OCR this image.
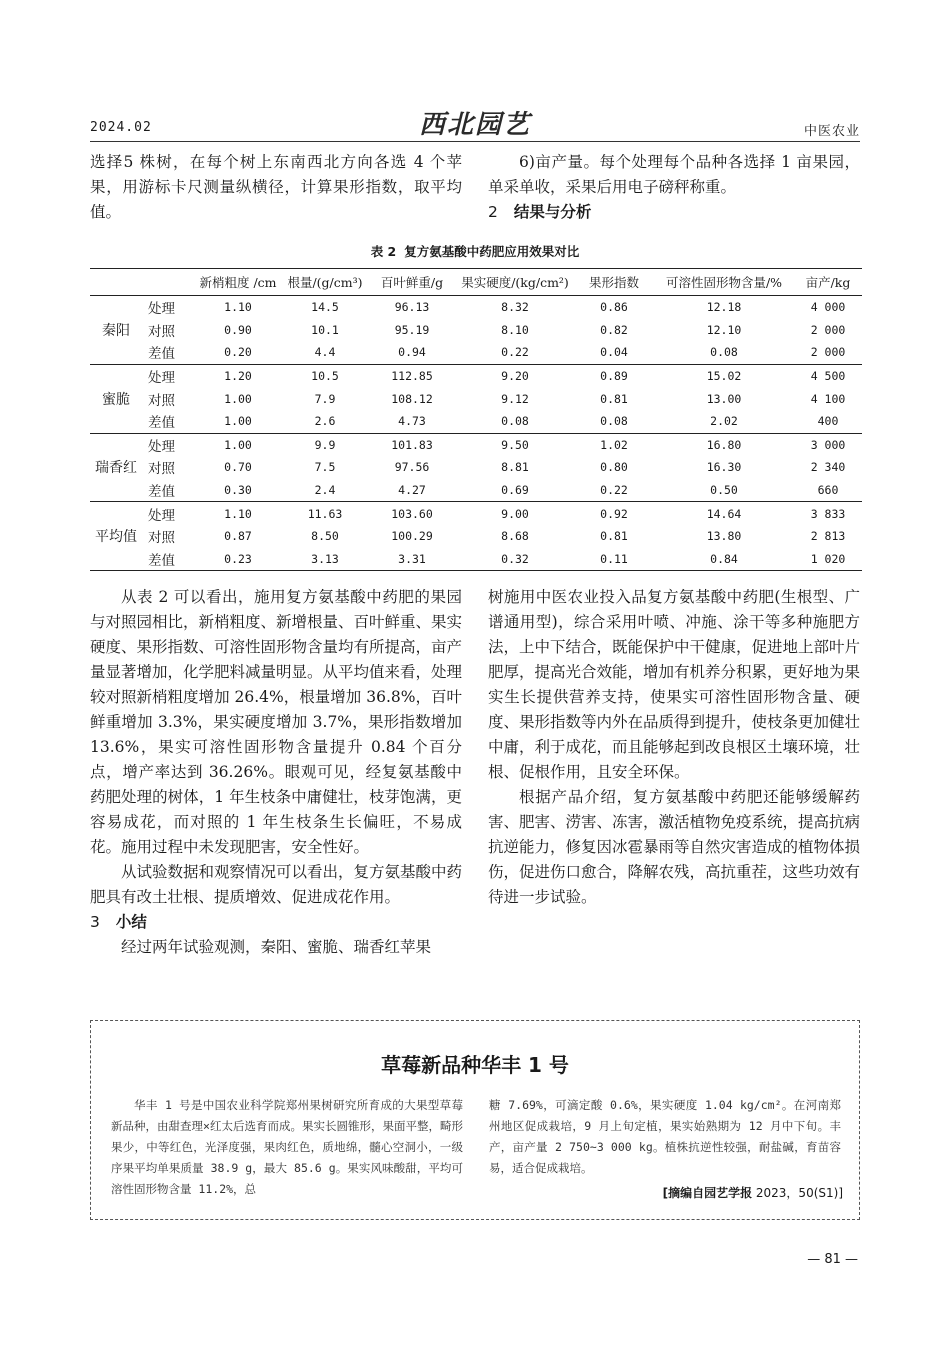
2024.02	西北园艺	中医农业

选择5 株树，在每个树上东南西北方向各选 4 个苹果，用游标卡尺测量纵横径，计算果形指数，取平均值。

6)亩产量。每个处理每个品种各选择 1 亩果园，单采单收，采果后用电子磅秤称重。

2 结果与分析

表 2 复方氨基酸中药肥应用效果对比
		新梢粗度 /cm	根量/(g/cm³)	百叶鲜重/g	果实硬度/(kg/cm²)	果形指数	可溶性固形物含量/%	亩产/kg
秦阳	处理	1.10	14.5	96.13	8.32	0.86	12.18	4 000
	对照	0.90	10.1	95.19	8.10	0.82	12.10	2 000
	差值	0.20	4.4	0.94	0.22	0.04	0.08	2 000
蜜脆	处理	1.20	10.5	112.85	9.20	0.89	15.02	4 500
	对照	1.00	7.9	108.12	9.12	0.81	13.00	4 100
	差值	1.00	2.6	4.73	0.08	0.08	2.02	400
瑞香红	处理	1.00	9.9	101.83	9.50	1.02	16.80	3 000
	对照	0.70	7.5	97.56	8.81	0.80	16.30	2 340
	差值	0.30	2.4	4.27	0.69	0.22	0.50	660
平均值	处理	1.10	11.63	103.60	9.00	0.92	14.64	3 833
	对照	0.87	8.50	100.29	8.68	0.81	13.80	2 813
	差值	0.23	3.13	3.31	0.32	0.11	0.84	1 020

从表 2 可以看出，施用复方氨基酸中药肥的果园与对照园相比，新梢粗度、新增根量、百叶鲜重、果实硬度、果形指数、可溶性固形物含量均有所提高，亩产量显著增加，化学肥料减量明显。从平均值来看，处理较对照新梢粗度增加 26.4%，根量增加 36.8%，百叶鲜重增加 3.3%，果实硬度增加 3.7%，果形指数增加 13.6%，果实可溶性固形物含量提升 0.84 个百分点，增产率达到 36.26%。眼观可见，经复氨基酸中药肥处理的树体，1 年生枝条中庸健壮，枝芽饱满，更容易成花，而对照的 1 年生枝条生长偏旺，不易成花。施用过程中未发现肥害，安全性好。

从试验数据和观察情况可以看出，复方氨基酸中药肥具有改土壮根、提质增效、促进成花作用。

3 小结

经过两年试验观测，秦阳、蜜脆、瑞香红苹果

树施用中医农业投入品复方氨基酸中药肥(生根型、广谱通用型)，综合采用叶喷、冲施、涂干等多种施肥方法，上中下结合，既能保护中干健康，促进地上部叶片肥厚，提高光合效能，增加有机养分积累，更好地为果实生长提供营养支持，使果实可溶性固形物含量、硬度、果形指数等内外在品质得到提升，使枝条更加健壮中庸，利于成花，而且能够起到改良根区土壤环境，壮根、促根作用，且安全环保。

根据产品介绍，复方氨基酸中药肥还能够缓解药害、肥害、涝害、冻害，激活植物免疫系统，提高抗病抗逆能力，修复因冰雹暴雨等自然灾害造成的植物体损伤，促进伤口愈合，降解农残，高抗重茬，这些功效有待进一步试验。

草莓新品种华丰 1 号

华丰 1 号是中国农业科学院郑州果树研究所育成的大果型草莓新品种，由甜查理×红太后选育而成。果实长圆锥形，果面平整，畸形果少，中等红色，光泽度强，果肉红色，质地绵，髓心空洞小，一级序果平均单果质量 38.9 g，最大 85.6 g。果实风味酸甜，平均可溶性固形物含量 11.2%，总

糖 7.69%，可滴定酸 0.6%，果实硬度 1.04 kg/cm²。在河南郑州地区促成栽培，9 月上旬定植，果实始熟期为 12 月中下旬。丰产，亩产量 2 750~3 000 kg。植株抗逆性较强，耐盐碱，育苗容易，适合促成栽培。

[摘编自园艺学报 2023，50(S1)]
— 81 —
